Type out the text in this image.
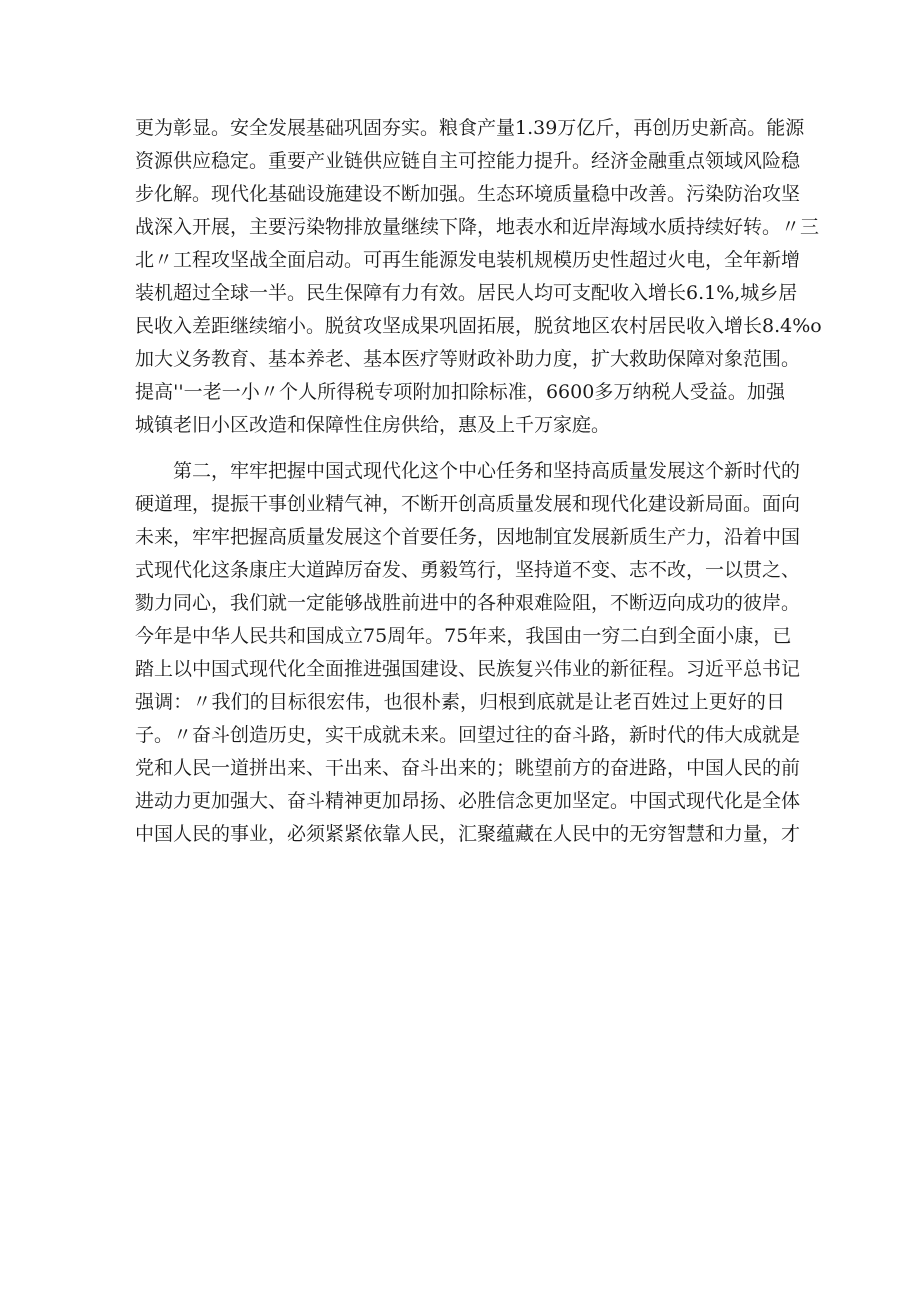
更为彰显。安全发展基础巩固夯实。粮食产量1.39万亿斤，再创历史新高。能源
资源供应稳定。重要产业链供应链自主可控能力提升。经济金融重点领域风险稳
步化解。现代化基础设施建设不断加强。生态环境质量稳中改善。污染防治攻坚
战深入开展，主要污染物排放量继续下降，地表水和近岸海域水质持续好转。〃三
北〃工程攻坚战全面启动。可再生能源发电装机规模历史性超过火电，全年新增
装机超过全球一半。民生保障有力有效。居民人均可支配收入增长6.1%,城乡居
民收入差距继续缩小。脱贫攻坚成果巩固拓展，脱贫地区农村居民收入增长8.4%o
加大义务教育、基本养老、基本医疗等财政补助力度，扩大救助保障对象范围。
提高''一老一小〃个人所得税专项附加扣除标准，6600多万纳税人受益。加强
城镇老旧小区改造和保障性住房供给，惠及上千万家庭。

第二，牢牢把握中国式现代化这个中心任务和坚持高质量发展这个新时代的
硬道理，提振干事创业精气神，不断开创高质量发展和现代化建设新局面。面向
未来，牢牢把握高质量发展这个首要任务，因地制宜发展新质生产力，沿着中国
式现代化这条康庄大道踔厉奋发、勇毅笃行，坚持道不变、志不改，一以贯之、
勠力同心，我们就一定能够战胜前进中的各种艰难险阻，不断迈向成功的彼岸。
今年是中华人民共和国成立75周年。75年来，我国由一穷二白到全面小康，已
踏上以中国式现代化全面推进强国建设、民族复兴伟业的新征程。习近平总书记
强调：〃我们的目标很宏伟，也很朴素，归根到底就是让老百姓过上更好的日
子。〃奋斗创造历史，实干成就未来。回望过往的奋斗路，新时代的伟大成就是
党和人民一道拼出来、干出来、奋斗出来的；眺望前方的奋进路，中国人民的前
进动力更加强大、奋斗精神更加昂扬、必胜信念更加坚定。中国式现代化是全体
中国人民的事业，必须紧紧依靠人民，汇聚蕴藏在人民中的无穷智慧和力量，才
